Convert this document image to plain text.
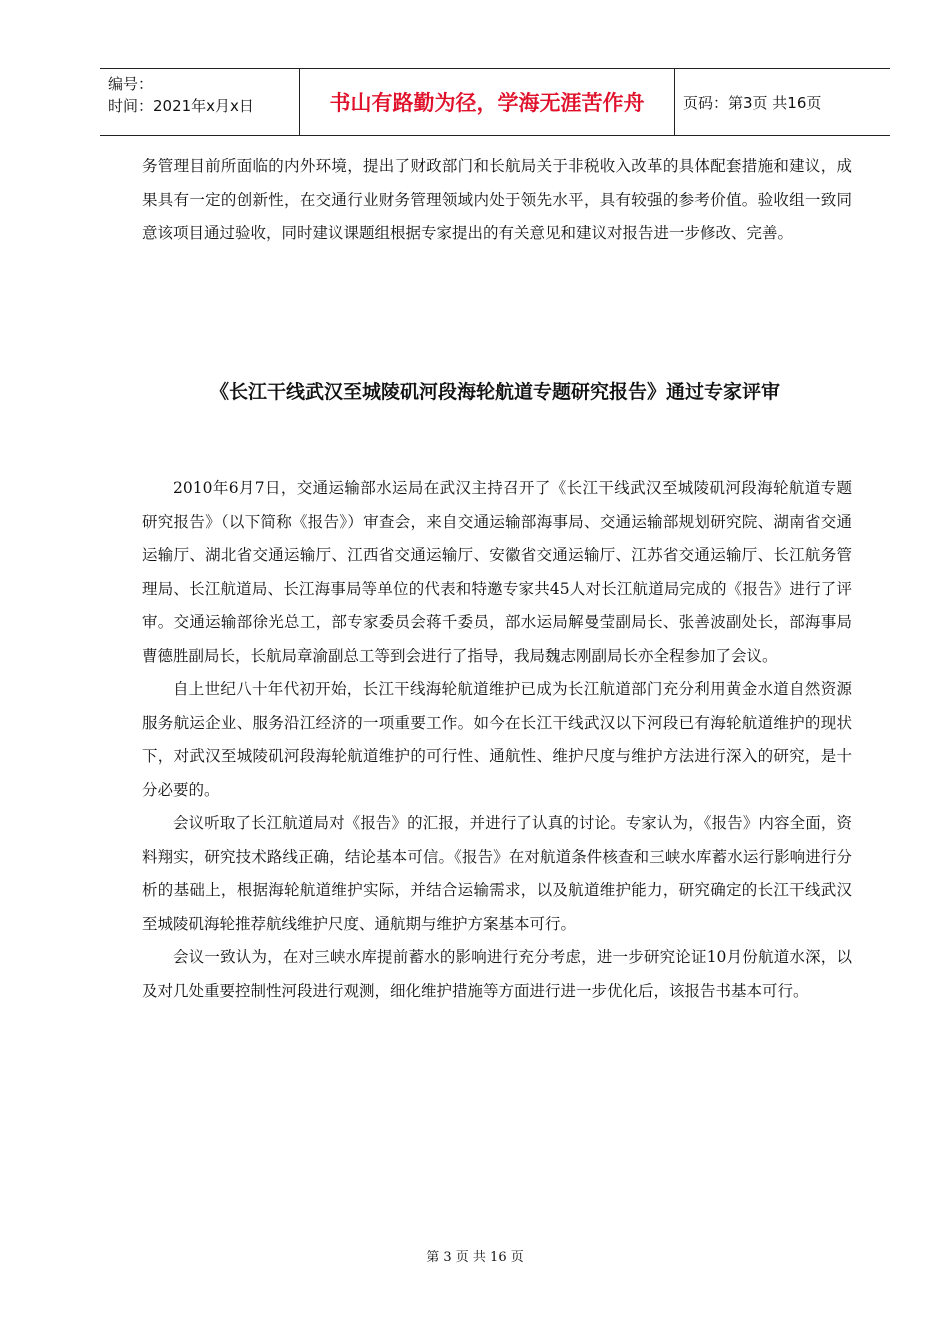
编号：
时间：2021年x月x日	书山有路勤为径，学海无涯苦作舟	页码：第3页 共16页

务管理目前所面临的内外环境，提出了财政部门和长航局关于非税收入改革的具体配套措施和建议，成果具有一定的创新性，在交通行业财务管理领域内处于领先水平，具有较强的参考价值。验收组一致同意该项目通过验收，同时建议课题组根据专家提出的有关意见和建议对报告进一步修改、完善。

《长江干线武汉至城陵矶河段海轮航道专题研究报告》通过专家评审

2010年6月7日，交通运输部水运局在武汉主持召开了《长江干线武汉至城陵矶河段海轮航道专题研究报告》（以下简称《报告》）审查会，来自交通运输部海事局、交通运输部规划研究院、湖南省交通运输厅、湖北省交通运输厅、江西省交通运输厅、安徽省交通运输厅、江苏省交通运输厅、长江航务管理局、长江航道局、长江海事局等单位的代表和特邀专家共45人对长江航道局完成的《报告》进行了评审。交通运输部徐光总工，部专家委员会蒋千委员，部水运局解曼莹副局长、张善波副处长，部海事局曹德胜副局长，长航局章渝副总工等到会进行了指导，我局魏志刚副局长亦全程参加了会议。

自上世纪八十年代初开始，长江干线海轮航道维护已成为长江航道部门充分利用黄金水道自然资源服务航运企业、服务沿江经济的一项重要工作。如今在长江干线武汉以下河段已有海轮航道维护的现状下，对武汉至城陵矶河段海轮航道维护的可行性、通航性、维护尺度与维护方法进行深入的研究，是十分必要的。

会议听取了长江航道局对《报告》的汇报，并进行了认真的讨论。专家认为，《报告》内容全面，资料翔实，研究技术路线正确，结论基本可信。《报告》在对航道条件核查和三峡水库蓄水运行影响进行分析的基础上，根据海轮航道维护实际，并结合运输需求，以及航道维护能力，研究确定的长江干线武汉至城陵矶海轮推荐航线维护尺度、通航期与维护方案基本可行。

会议一致认为，在对三峡水库提前蓄水的影响进行充分考虑，进一步研究论证10月份航道水深，以及对几处重要控制性河段进行观测，细化维护措施等方面进行进一步优化后，该报告书基本可行。

第 3 页 共 16 页
